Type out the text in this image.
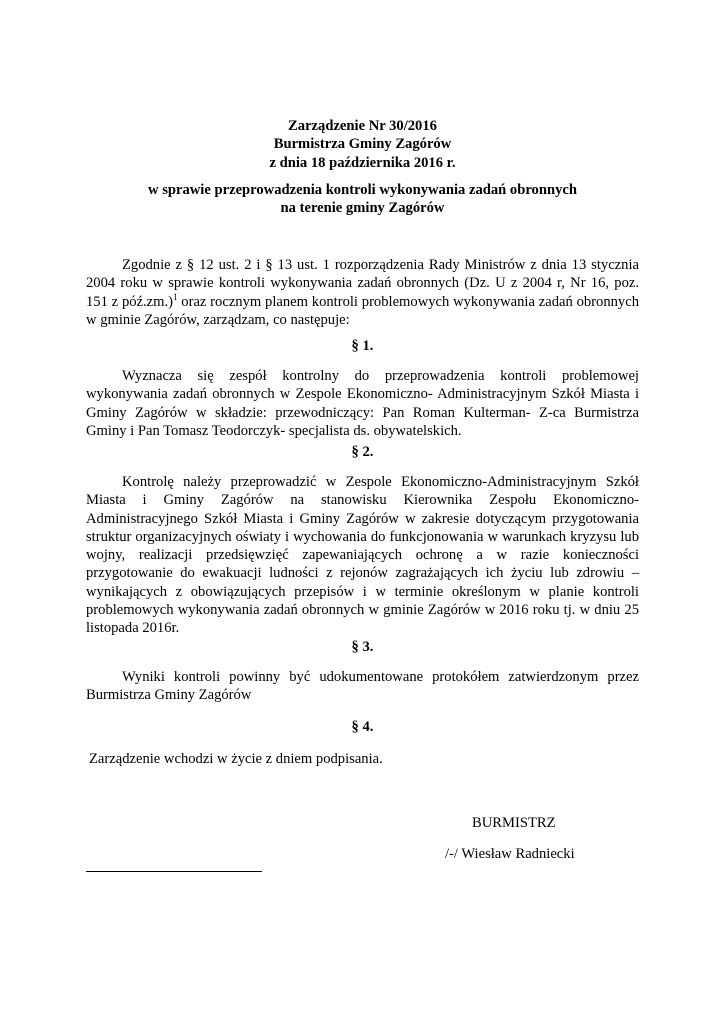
Zarządzenie Nr 30/2016
Burmistrza Gminy Zagórów
z dnia 18 października 2016 r.
w sprawie przeprowadzenia kontroli wykonywania zadań obronnych
na terenie gminy Zagórów

Zgodnie z § 12 ust. 2 i § 13 ust. 1 rozporządzenia Rady Ministrów z dnia 13 stycznia 2004 roku w sprawie kontroli wykonywania zadań obronnych (Dz. U z 2004 r, Nr 16, poz. 151 z póź.zm.)$^1$ oraz rocznym planem kontroli problemowych wykonywania zadań obronnych w gminie Zagórów, zarządzam, co następuje:

§ 1.

Wyznacza się zespół kontrolny do przeprowadzenia kontroli problemowej wykonywania zadań obronnych w Zespole Ekonomiczno- Administracyjnym Szkół Miasta i Gminy Zagórów w składzie: przewodniczący: Pan Roman Kulterman- Z-ca Burmistrza Gminy i Pan Tomasz Teodorczyk- specjalista ds. obywatelskich.

§ 2.

Kontrolę należy przeprowadzić w Zespole Ekonomiczno-Administracyjnym Szkół Miasta i Gminy Zagórów na stanowisku Kierownika Zespołu Ekonomiczno-Administracyjnego Szkół Miasta i Gminy Zagórów w zakresie dotyczącym przygotowania struktur organizacyjnych oświaty i wychowania do funkcjonowania w warunkach kryzysu lub wojny, realizacji przedsięwzięć zapewaniających ochronę a w razie konieczności przygotowanie do ewakuacji ludności z rejonów zagrażających ich życiu lub zdrowiu – wynikających z obowiązujących przepisów i w terminie określonym w planie kontroli problemowych wykonywania zadań obronnych w gminie Zagórów w 2016 roku tj. w dniu 25 listopada 2016r.

§ 3.

Wyniki kontroli powinny być udokumentowane protokółem zatwierdzonym przez Burmistrza Gminy Zagórów

§ 4.
Zarządzenie wchodzi w życie z dniem podpisania.
BURMISTRZ
/-/ Wiesław Radniecki
